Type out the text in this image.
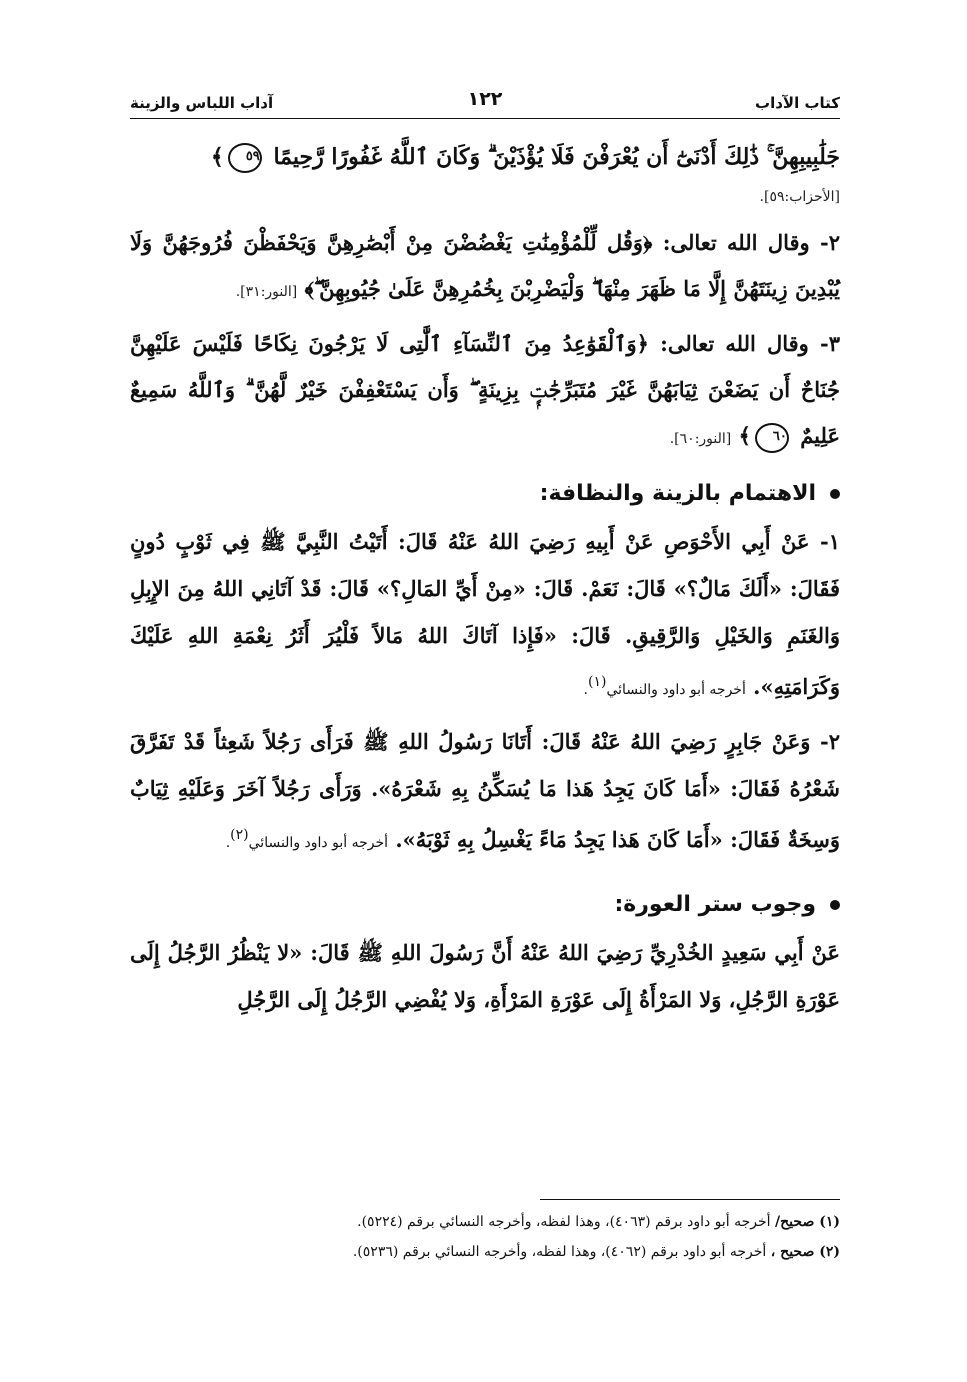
كتاب الآداب
١٢٢
آداب اللباس والزينة

جَلَٰبِيبِهِنَّ ۚ ذَٰلِكَ أَدْنَىٰٓ أَن يُعْرَفْنَ فَلَا يُؤْذَيْنَ ۗ وَكَانَ ٱللَّهُ غَفُورًا رَّحِيمًا ٥٩﴾

[الأحزاب:٥٩].

٢- وقال الله تعالى: ﴿وَقُل لِّلْمُؤْمِنَٰتِ يَغْضُضْنَ مِنْ أَبْصَٰرِهِنَّ وَيَحْفَظْنَ فُرُوجَهُنَّ وَلَا يُبْدِينَ زِينَتَهُنَّ إِلَّا مَا ظَهَرَ مِنْهَا ۖ وَلْيَضْرِبْنَ بِخُمُرِهِنَّ عَلَىٰ جُيُوبِهِنَّ ۖ﴾ [النور:٣١].

٣- وقال الله تعالى: ﴿وَٱلْقَوَٰعِدُ مِنَ ٱلنِّسَآءِ ٱلَّٰتِى لَا يَرْجُونَ نِكَاحًا فَلَيْسَ عَلَيْهِنَّ جُنَاحٌ أَن يَضَعْنَ ثِيَابَهُنَّ غَيْرَ مُتَبَرِّجَٰتٍۭ بِزِينَةٍ ۖ وَأَن يَسْتَعْفِفْنَ خَيْرٌ لَّهُنَّ ۗ وَٱللَّهُ سَمِيعٌ عَلِيمٌ ٦٠﴾ [النور:٦٠].

الاهتمام بالزينة والنظافة:

١- عَنْ أَبِي الأَحْوَصِ عَنْ أَبِيهِ رَضِيَ اللهُ عَنْهُ قَالَ: أَتَيْتُ النَّبِيَّ ﷺ فِي ثَوْبٍ دُونٍ فَقَالَ: «أَلَكَ مَالٌ؟» قَالَ: نَعَمْ. قَالَ: «مِنْ أَيِّ المَالِ؟» قَالَ: قَدْ آتَانِي اللهُ مِنَ الإِبِلِ وَالغَنَمِ وَالخَيْلِ وَالرَّقِيقِ. قَالَ: «فَإِذا آتَاكَ اللهُ مَالاً فَلْيُرَ أَثَرُ نِعْمَةِ اللهِ عَلَيْكَ وَكَرَامَتِهِ». أخرجه أبو داود والنسائي$^{(١)}$.

٢- وَعَنْ جَابِرٍ رَضِيَ اللهُ عَنْهُ قَالَ: أَتَانَا رَسُولُ اللهِ ﷺ فَرَأَى رَجُلاً شَعِثاً قَدْ تَفَرَّقَ شَعْرُهُ فَقَالَ: «أَمَا كَانَ يَجِدُ هَذا مَا يُسَكِّنُ بِهِ شَعْرَهُ». وَرَأَى رَجُلاً آخَرَ وَعَلَيْهِ ثِيَابٌ وَسِخَةٌ فَقَالَ: «أَمَا كَانَ هَذا يَجِدُ مَاءً يَغْسِلُ بِهِ ثَوْبَهُ». أخرجه أبو داود والنسائي$^{(٢)}$.

وجوب ستر العورة:

عَنْ أَبِي سَعِيدٍ الخُدْرِيِّ رَضِيَ اللهُ عَنْهُ أَنَّ رَسُولَ اللهِ ﷺ قَالَ: «لا يَنْظُرُ الرَّجُلُ إِلَى عَوْرَةِ الرَّجُلِ، وَلا المَرْأَةُ إِلَى عَوْرَةِ المَرْأَةِ، وَلا يُفْضِي الرَّجُلُ إِلَى الرَّجُلِ

(١) صحيح/ أخرجه أبو داود برقم (٤٠٦٣)، وهذا لفظه، وأخرجه النسائي برقم (٥٢٢٤).

(٢) صحيح ، أخرجه أبو داود برقم (٤٠٦٢)، وهذا لفظه، وأخرجه النسائي برقم (٥٢٣٦).
